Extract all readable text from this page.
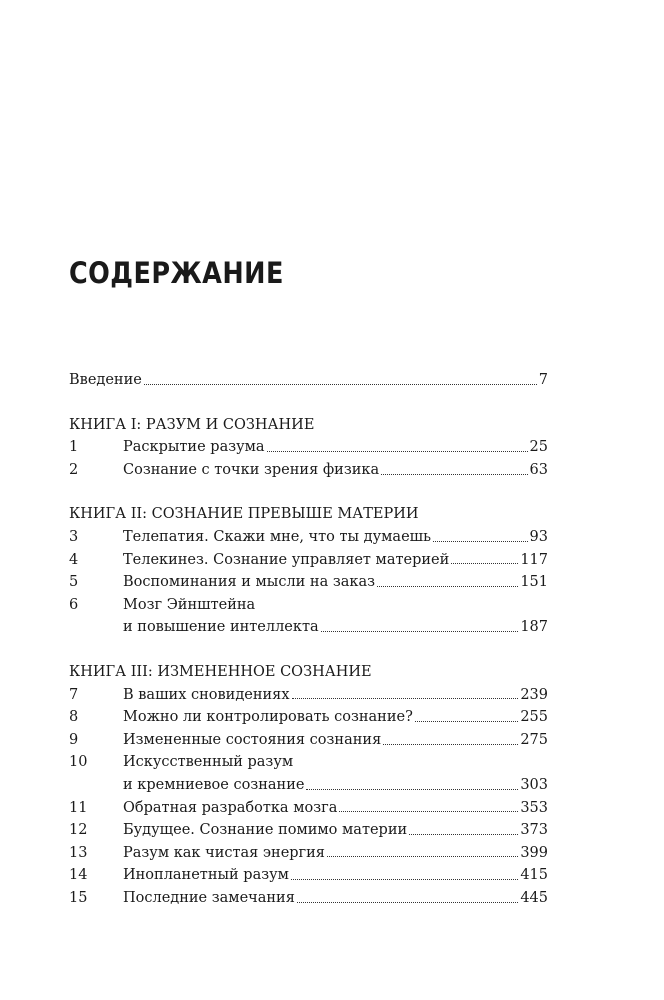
СОДЕРЖАНИЕ
Введение	7
КНИГА I: РАЗУМ И СОЗНАНИЕ
1	Раскрытие разума	25
2	Сознание с точки зрения физика	63
КНИГА II: СОЗНАНИЕ ПРЕВЫШЕ МАТЕРИИ
3	Телепатия. Скажи мне, что ты думаешь	93
4	Телекинез. Сознание управляет материей	117
5	Воспоминания и мысли на заказ	151
6	Мозг Эйнштейна
и повышение интеллекта	187
КНИГА III: ИЗМЕНЕННОЕ СОЗНАНИЕ
7	В ваших сновидениях	239
8	Можно ли контролировать сознание?	255
9	Измененные состояния сознания	275
10	Искусственный разум
и кремниевое сознание	303
11	Обратная разработка мозга	353
12	Будущее. Сознание помимо материи	373
13	Разум как чистая энергия	399
14	Инопланетный разум	415
15	Последние замечания	445
